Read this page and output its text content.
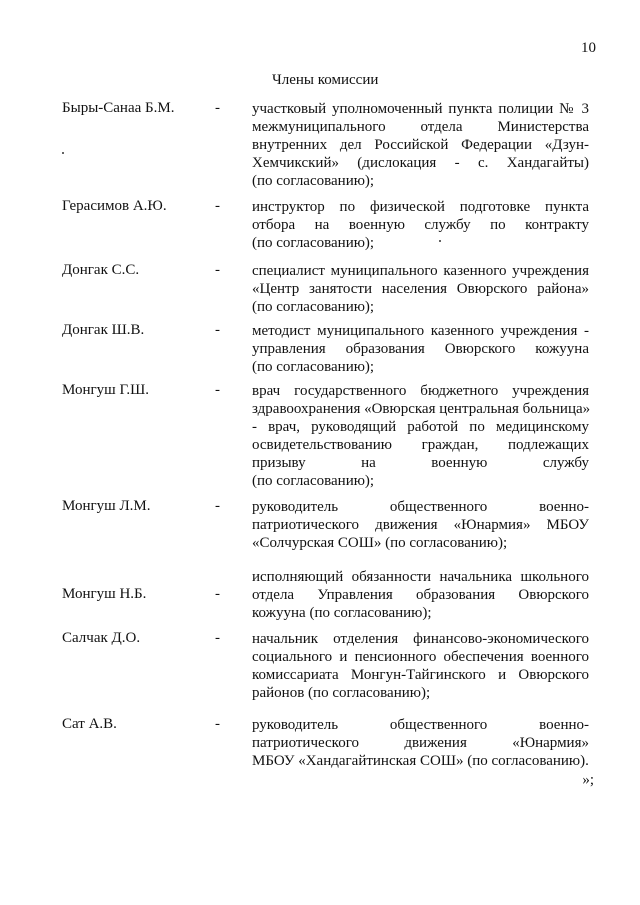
10
Члены комиссии
Быры-Санаа Б.М.	- участковый уполномоченный пункта полиции № 3
межмуниципального отдела Министерства
внутренних дел Российской Федерации «Дзун-
Хемчикский» (дислокация - с. Хандагайты)
(по согласованию);
Герасимов А.Ю.	- инструктор по физической подготовке пункта
отбора на военную службу по контракту
(по согласованию);
Донгак С.С.	- специалист муниципального казенного учреждения
«Центр занятости населения Овюрского района»
(по согласованию);
Донгак Ш.В.	- методист муниципального казенного учреждения -
управления образования Овюрского кожууна
(по согласованию);
Монгуш Г.Ш.	- врач государственного бюджетного учреждения
здравоохранения «Овюрская центральная больница»
- врач, руководящий работой по медицинскому
освидетельствованию граждан, подлежащих
призыву на военную службу
(по согласованию);
Монгуш Л.М.	- руководитель общественного военно-
патриотического движения «Юнармия» МБОУ
«Солчурская СОШ» (по согласованию);
Монгуш Н.Б.	-
исполняющий обязанности начальника школьного
отдела Управления образования Овюрского
кожууна (по согласованию);
Салчак Д.О.	- начальник отделения финансово-экономического
социального и пенсионного обеспечения военного
комиссариата Монгун-Тайгинского и Овюрского
районов (по согласованию);
Сат А.В.	- руководитель общественного военно-
патриотического движения «Юнармия»
МБОУ «Хандагайтинская СОШ» (по согласованию).
»;
